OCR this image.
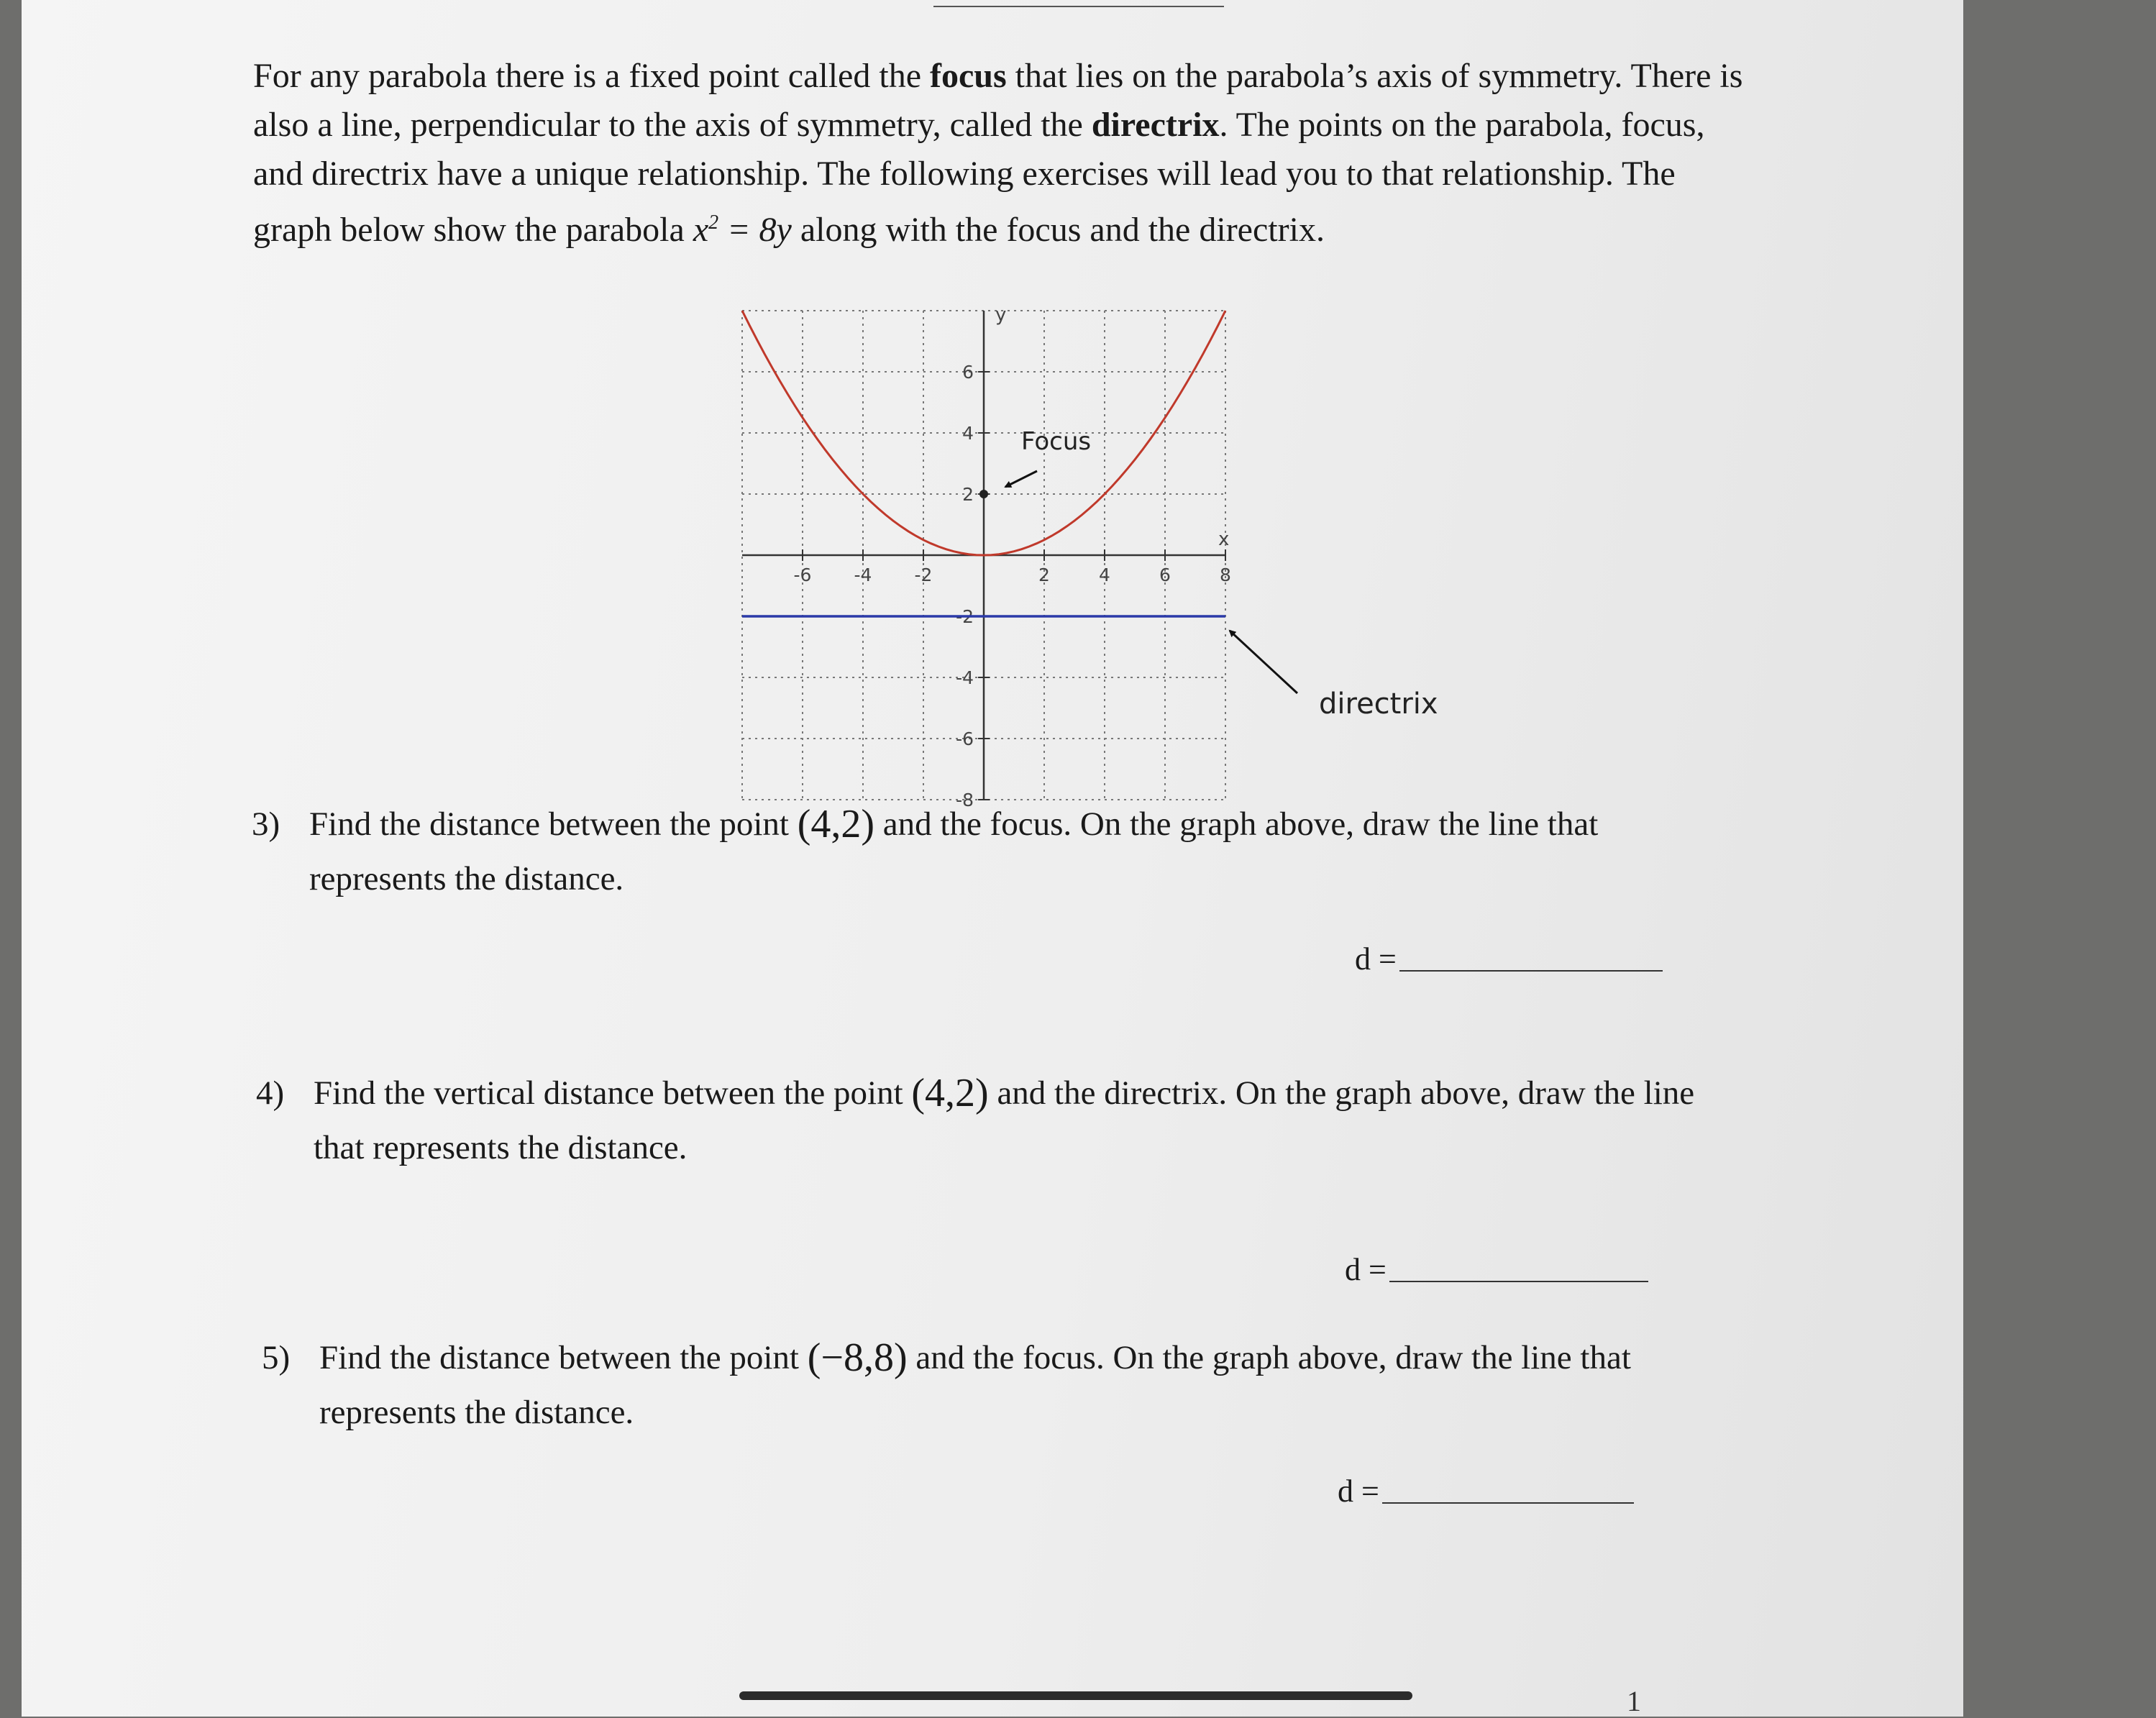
For any parabola there is a fixed point called the focus that lies on the parabola’s axis of symmetry. There is also a line, perpendicular to the axis of symmetry, called the directrix. The points on the parabola, focus, and directrix have a unique relationship. The following exercises will lead you to that relationship. The graph below show the parabola $x^2 = 8y$ along with the focus and the directrix.

x
y
-6 -4 -2	2	4	6	8
6
4
2
-2
-4
-6
-8
Focus
directrix
3) Find the distance between the point (4,2) and the focus. On the graph above, draw the line that represents the distance.
d =
4) Find the vertical distance between the point (4,2) and the directrix. On the graph above, draw the line that represents the distance.
d =
5) Find the distance between the point (−8,8) and the focus. On the graph above, draw the line that represents the distance.
d =
1
